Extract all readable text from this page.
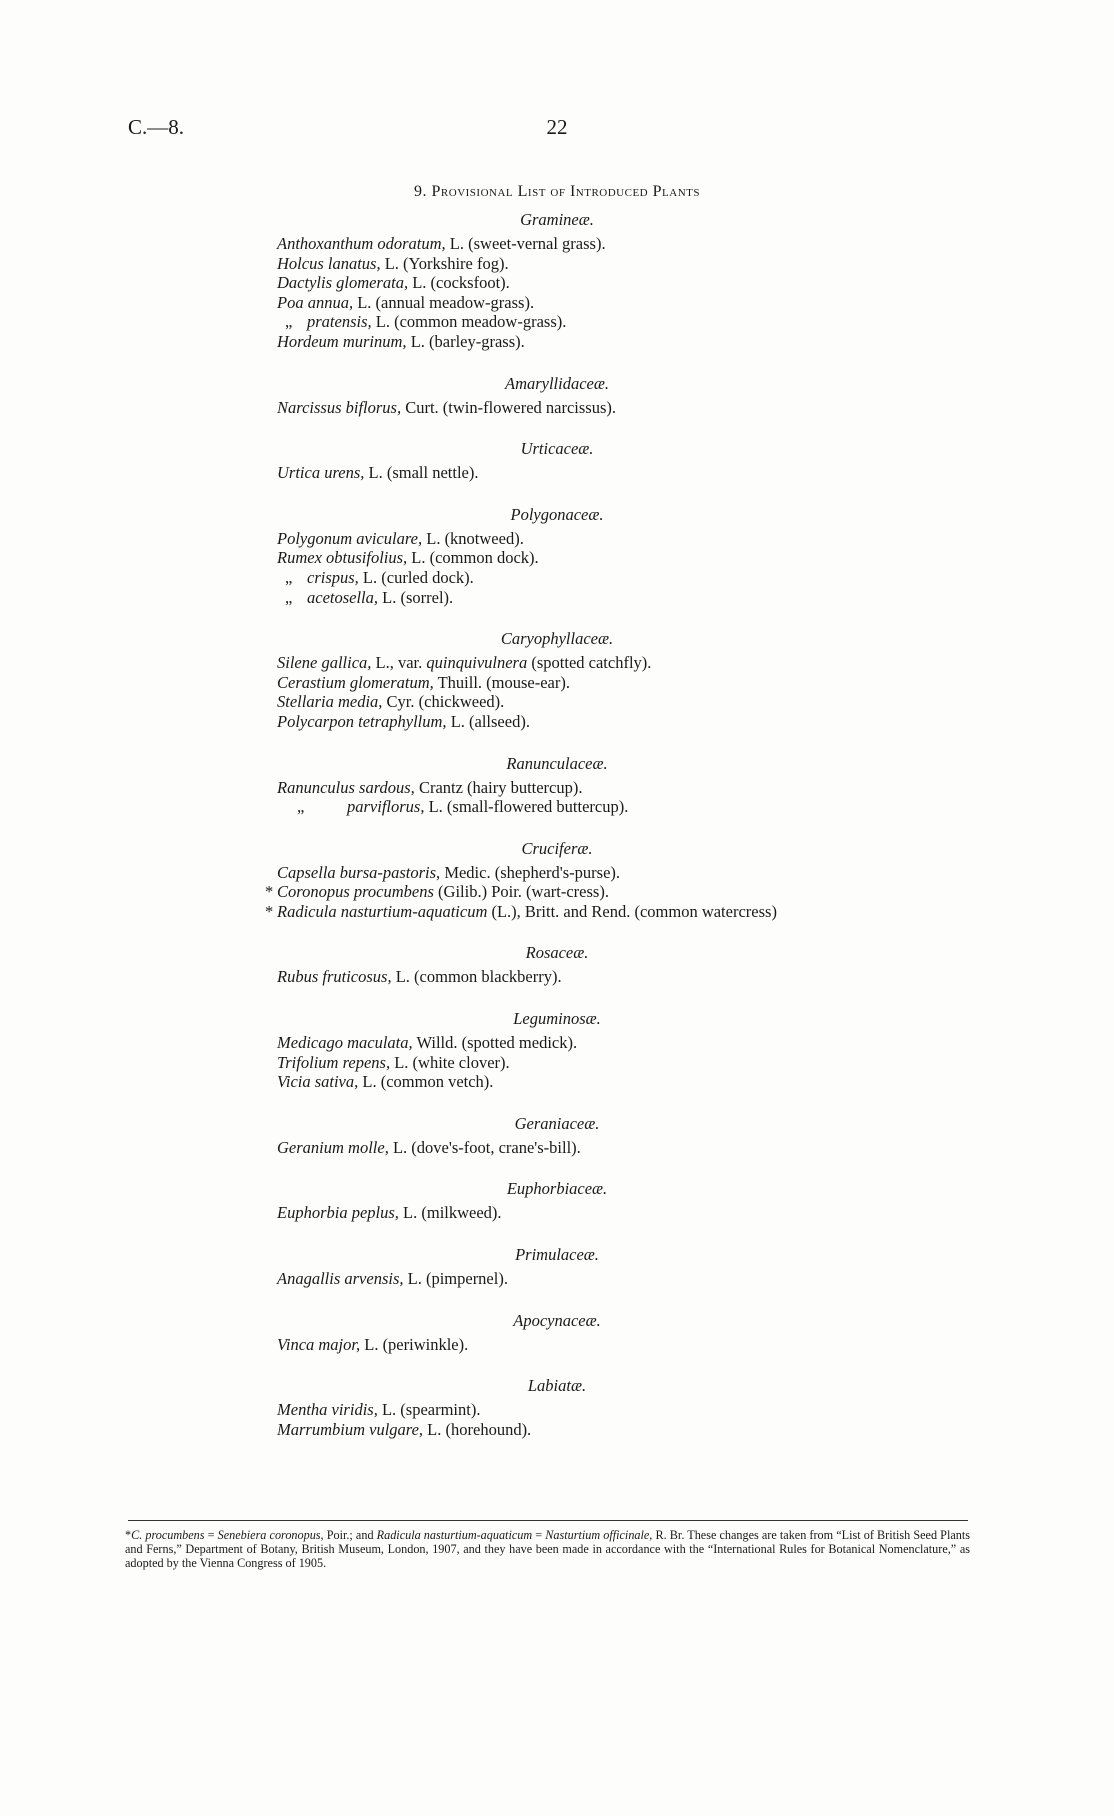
C.—8.	22
9. Provisional List of Introduced Plants
Gramineæ.
Anthoxanthum odoratum, L. (sweet-vernal grass).
Holcus lanatus, L. (Yorkshire fog).
Dactylis glomerata, L. (cocksfoot).
Poa annua, L. (annual meadow-grass).
„ pratensis, L. (common meadow-grass).
Hordeum murinum, L. (barley-grass).
Amaryllidaceæ.
Narcissus biflorus, Curt. (twin-flowered narcissus).
Urticaceæ.
Urtica urens, L. (small nettle).
Polygonaceæ.
Polygonum aviculare, L. (knotweed).
Rumex obtusifolius, L. (common dock).
„ crispus, L. (curled dock).
„ acetosella, L. (sorrel).
Caryophyllaceæ.
Silene gallica, L., var. quinquivulnera (spotted catchfly).
Cerastium glomeratum, Thuill. (mouse-ear).
Stellaria media, Cyr. (chickweed).
Polycarpon tetraphyllum, L. (allseed).
Ranunculaceæ.
Ranunculus sardous, Crantz (hairy buttercup).
„	parviflorus, L. (small-flowered buttercup).
Cruciferæ.
Capsella bursa-pastoris, Medic. (shepherd's-purse).
* Coronopus procumbens (Gilib.) Poir. (wart-cress).
* Radicula nasturtium-aquaticum (L.), Britt. and Rend. (common watercress)
Rosaceæ.
Rubus fruticosus, L. (common blackberry).
Leguminosæ.
Medicago maculata, Willd. (spotted medick).
Trifolium repens, L. (white clover).
Vicia sativa, L. (common vetch).
Geraniaceæ.
Geranium molle, L. (dove's-foot, crane's-bill).
Euphorbiaceæ.
Euphorbia peplus, L. (milkweed).
Primulaceæ.
Anagallis arvensis, L. (pimpernel).
Apocynaceæ.
Vinca major, L. (periwinkle).
Labiatæ.
Mentha viridis, L. (spearmint).
Marrumbium vulgare, L. (horehound).
*C. procumbens = Senebiera coronopus, Poir.; and Radicula nasturtium-aquaticum = Nasturtium officinale, R. Br. These changes are taken from “List of British Seed Plants and Ferns,” Department of Botany, British Museum, London, 1907, and they have been made in accordance with the “International Rules for Botanical Nomenclature,” as adopted by the Vienna Congress of 1905.
